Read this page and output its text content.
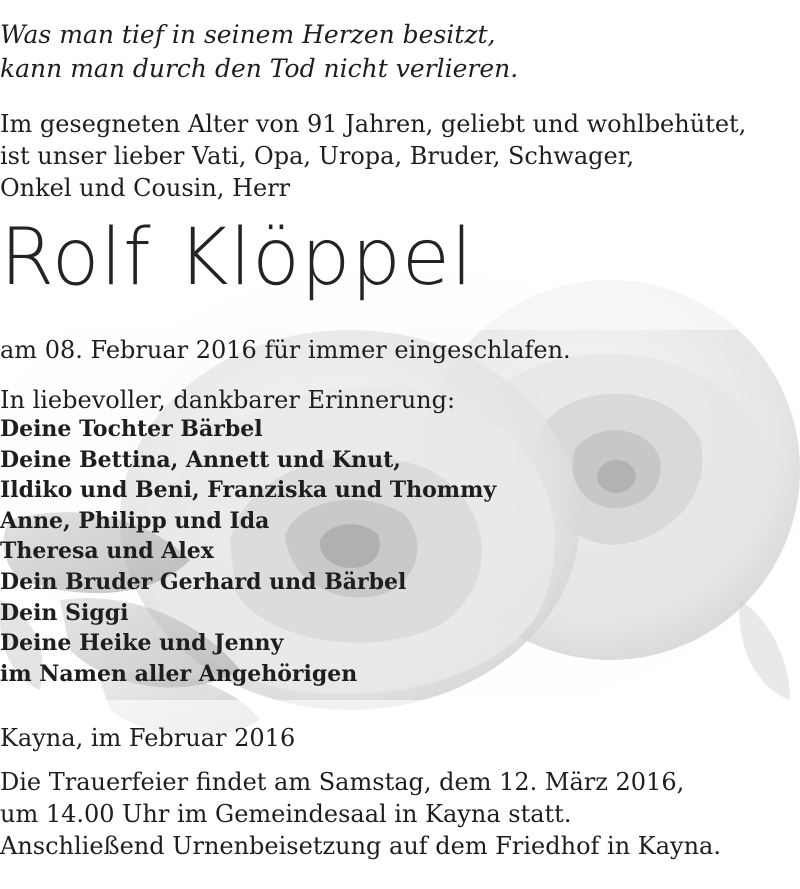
Was man tief in seinem Herzen besitzt,
kann man durch den Tod nicht verlieren.
Im gesegneten Alter von 91 Jahren, geliebt und wohlbehütet,
ist unser lieber Vati, Opa, Uropa, Bruder, Schwager,
Onkel und Cousin, Herr
Rolf Klöppel
am 08. Februar 2016 für immer eingeschlafen.
In liebevoller, dankbarer Erinnerung:
Deine Tochter Bärbel
Deine Bettina, Annett und Knut,
Ildiko und Beni, Franziska und Thommy
Anne, Philipp und Ida
Theresa und Alex
Dein Bruder Gerhard und Bärbel
Dein Siggi
Deine Heike und Jenny
im Namen aller Angehörigen
Kayna, im Februar 2016
Die Trauerfeier findet am Samstag, dem 12. März 2016,
um 14.00 Uhr im Gemeindesaal in Kayna statt.
Anschließend Urnenbeisetzung auf dem Friedhof in Kayna.
